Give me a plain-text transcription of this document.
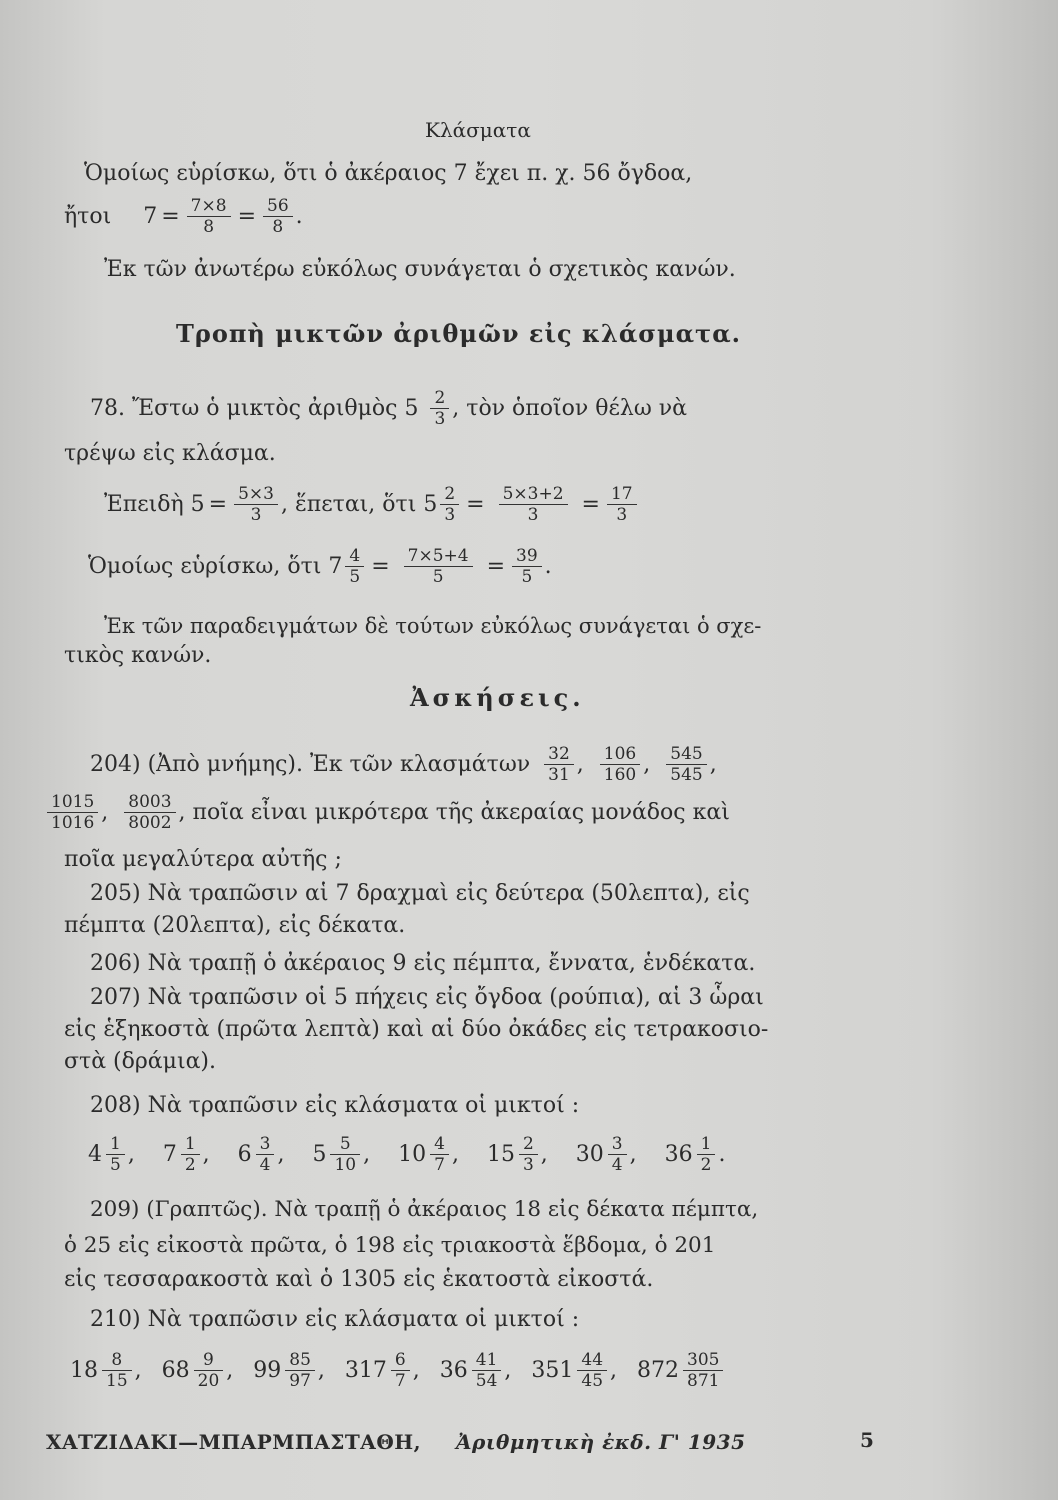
Κλάσματα
Ὁμοίως εὑρίσκω, ὅτι ὁ ἀκέραιος 7 ἔχει π. χ. 56 ὄγδοα,
ἤτοι $7 = \frac{7\times 8}{8} = \frac{56}{8}$ .
Ἐκ τῶν ἀνωτέρω εὐκόλως συνάγεται ὁ σχετικὸς κανών.
Τροπὴ μικτῶν ἀριθμῶν εἰς κλάσματα.
78. Ἔστω ὁ μικτὸς ἀριθμὸς $5 \frac{2}{3}$ , τὸν ὁποῖον θέλω νὰ
τρέψω εἰς κλάσμα.
Ἐπειδὴ $5 = \frac{5\times 3}{3}$ , ἕπεται, ὅτι $5 \frac{2}{3} = \frac{5\times 3+2}{3} = \frac{17}{3}$
Ὁμοίως εὑρίσκω, ὅτι $7 \frac{4}{5} = \frac{7\times 5+4}{5} = \frac{39}{5}$ .
Ἐκ τῶν παραδειγμάτων δὲ τούτων εὐκόλως συνάγεται ὁ σχε-
τικὸς κανών.
Ἀσκήσεις.
204) (Ἀπὸ μνήμης). Ἐκ τῶν κλασμάτων $\frac{32}{31}$ , $\frac{106}{160}$ , $\frac{545}{545}$ ,
$\frac{1015}{1016}$ , $\frac{8003}{8002}$ , ποῖα εἶναι μικρότερα τῆς ἀκεραίας μονάδος καὶ
ποῖα μεγαλύτερα αὐτῆς ;
205) Νὰ τραπῶσιν αἱ 7 δραχμαὶ εἰς δεύτερα (50λεπτα), εἰς
πέμπτα (20λεπτα), εἰς δέκατα.
206) Νὰ τραπῇ ὁ ἀκέραιος 9 εἰς πέμπτα, ἔννατα, ἑνδέκατα.
207) Νὰ τραπῶσιν οἱ 5 πήχεις εἰς ὄγδοα (ρούπια), αἱ 3 ὧραι
εἰς ἑξηκοστὰ (πρῶτα λεπτὰ) καὶ αἱ δύο ὀκάδες εἰς τετρακοσιο-
στὰ (δράμια).
208) Νὰ τραπῶσιν εἰς κλάσματα οἱ μικτοί :
$4 \frac{1}{5}$ , $7 \frac{1}{2}$ , $6 \frac{3}{4}$ , $5 \frac{5}{10}$ , $10 \frac{4}{7}$ , $15 \frac{2}{3}$ , $30 \frac{3}{4}$ , $36 \frac{1}{2}$ .
209) (Γραπτῶς). Νὰ τραπῇ ὁ ἀκέραιος 18 εἰς δέκατα πέμπτα,
ὁ 25 εἰς εἰκοστὰ πρῶτα, ὁ 198 εἰς τριακοστὰ ἕβδομα, ὁ 201
εἰς τεσσαρακοστὰ καὶ ὁ 1305 εἰς ἑκατοστὰ εἰκοστά.
210) Νὰ τραπῶσιν εἰς κλάσματα οἱ μικτοί :
$18 \frac{8}{15}$ , $68 \frac{9}{20}$ , $99 \frac{85}{97}$ , $317 \frac{6}{7}$ , $36 \frac{41}{54}$ , $351 \frac{44}{45}$ , $872 \frac{305}{871}$
ΧΑΤΖΙΔΑΚΙ—ΜΠΑΡΜΠΑΣΤΑΘΗ, Ἀριθμητικὴ ἐκδ. Γ' 1935	5
